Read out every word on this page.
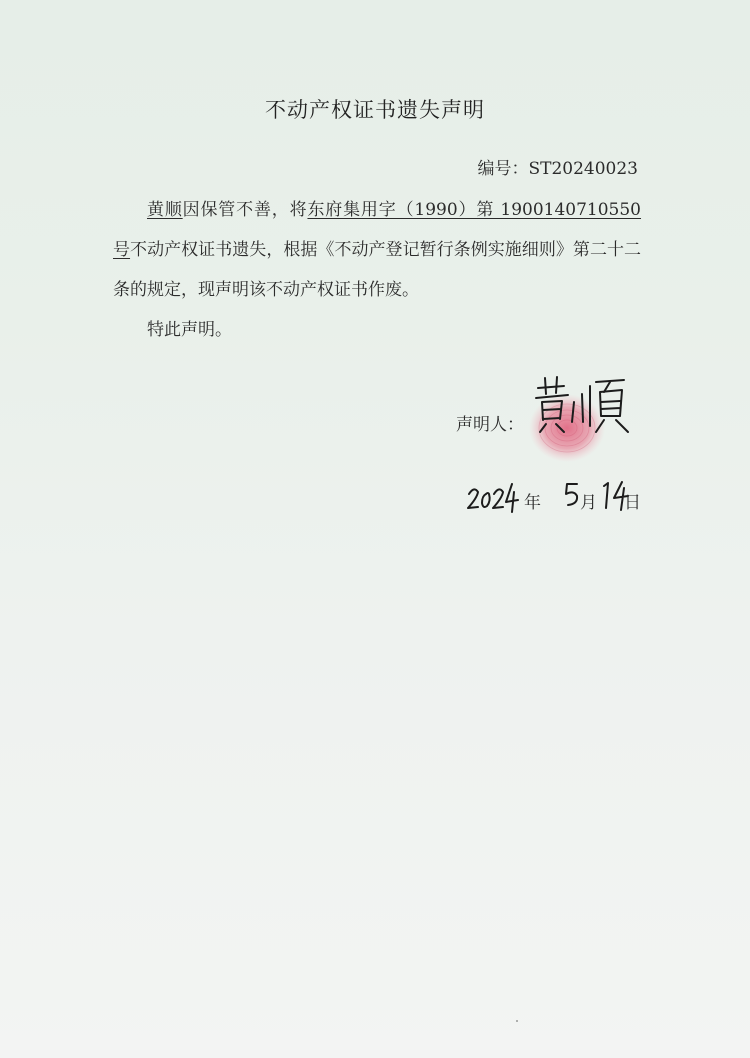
不动产权证书遗失声明
编号：ST20240023

黄顺因保管不善，将东府集用字（1990）第 1900140710550 号不动产权证书遗失，根据《不动产登记暂行条例实施细则》第二十二条的规定，现声明该不动产权证书作废。

特此声明。

声明人：
年 月 日
